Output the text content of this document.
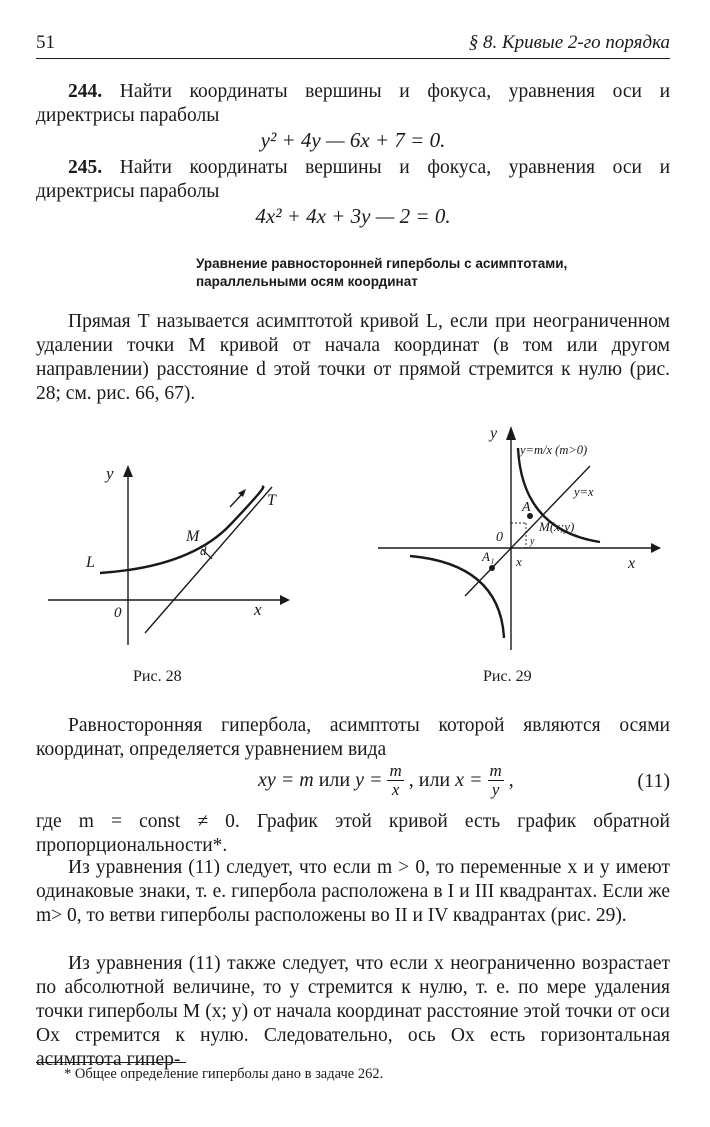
51	§ 8. Кривые 2-го порядка
244. Найти координаты вершины и фокуса, уравнения оси и директрисы параболы
y² + 4y — 6x + 7 = 0.
245. Найти координаты вершины и фокуса, уравнения оси и директрисы параболы
4x² + 4x + 3y — 2 = 0.
Уравнение равносторонней гиперболы с асимптотами,
параллельными осям координат
Прямая T называется асимптотой кривой L, если при неограниченном удалении точки M кривой от начала координат (в том или другом направлении) расстояние d этой точки от прямой стремится к нулю (рис. 28; см. рис. 66, 67).
y
x
0
L
T
M
d
Рис. 28
y
y=m/x (m>0)
y=x
A
M(x;y)
0
A₁ x
y
x
Рис. 29
Равносторонняя гипербола, асимптоты которой являются осями координат, определяется уравнением вида
xy = m или $y = \frac{m}{x}$ , или $x = \frac{m}{y}$ ,	(11)
где m = const ≠ 0. График этой кривой есть график обратной пропорциональности*.
Из уравнения (11) следует, что если m > 0, то переменные x и y имеют одинаковые знаки, т. е. гипербола расположена в I и III квадрантах. Если же m> 0, то ветви гиперболы расположены во II и IV квадрантах (рис. 29).
Из уравнения (11) также следует, что если x неограниченно возрастает по абсолютной величине, то y стремится к нулю, т. е. по мере удаления точки гиперболы M (x; y) от начала координат расстояние этой точки от оси Ox стремится к нулю. Следовательно, ось Ox есть горизонтальная асимптота гипер-
* Общее определение гиперболы дано в задаче 262.
